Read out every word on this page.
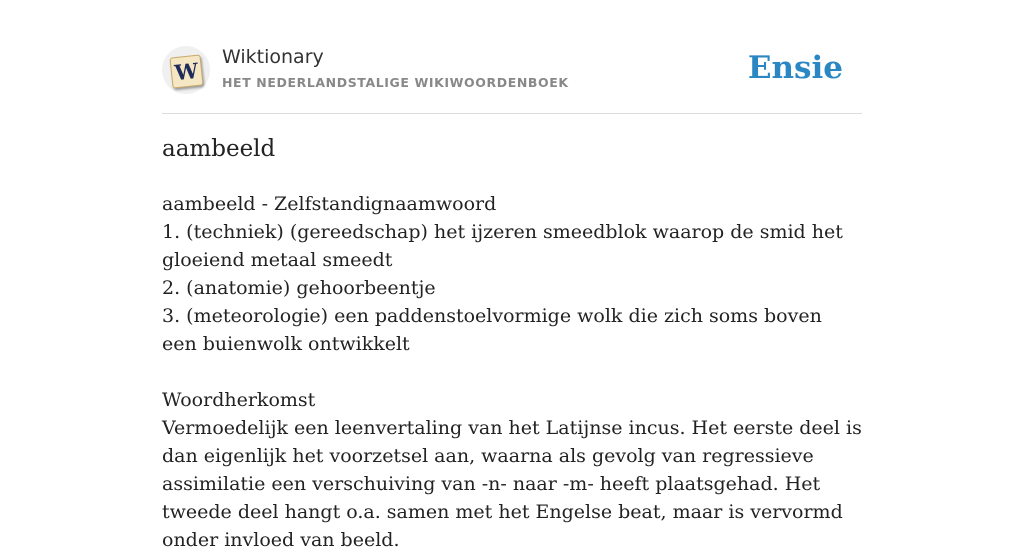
W
Wiktionary
HET NEDERLANDSTALIGE WIKIWOORDENBOEK	Ensie
aambeeld

aambeeld - Zelfstandignaamwoord

1. (techniek) (gereedschap) het ijzeren smeedblok waarop de smid het gloeiend metaal smeedt

2. (anatomie) gehoorbeentje

3. (meteorologie) een paddenstoelvormige wolk die zich soms boven een buienwolk ontwikkelt

Woordherkomst

Vermoedelijk een leenvertaling van het Latijnse incus. Het eerste deel is dan eigenlijk het voorzetsel aan, waarna als gevolg van regressieve assimilatie een verschuiving van -n- naar -m- heeft plaatsgehad. Het tweede deel hangt o.a. samen met het Engelse beat, maar is vervormd onder invloed van beeld.
